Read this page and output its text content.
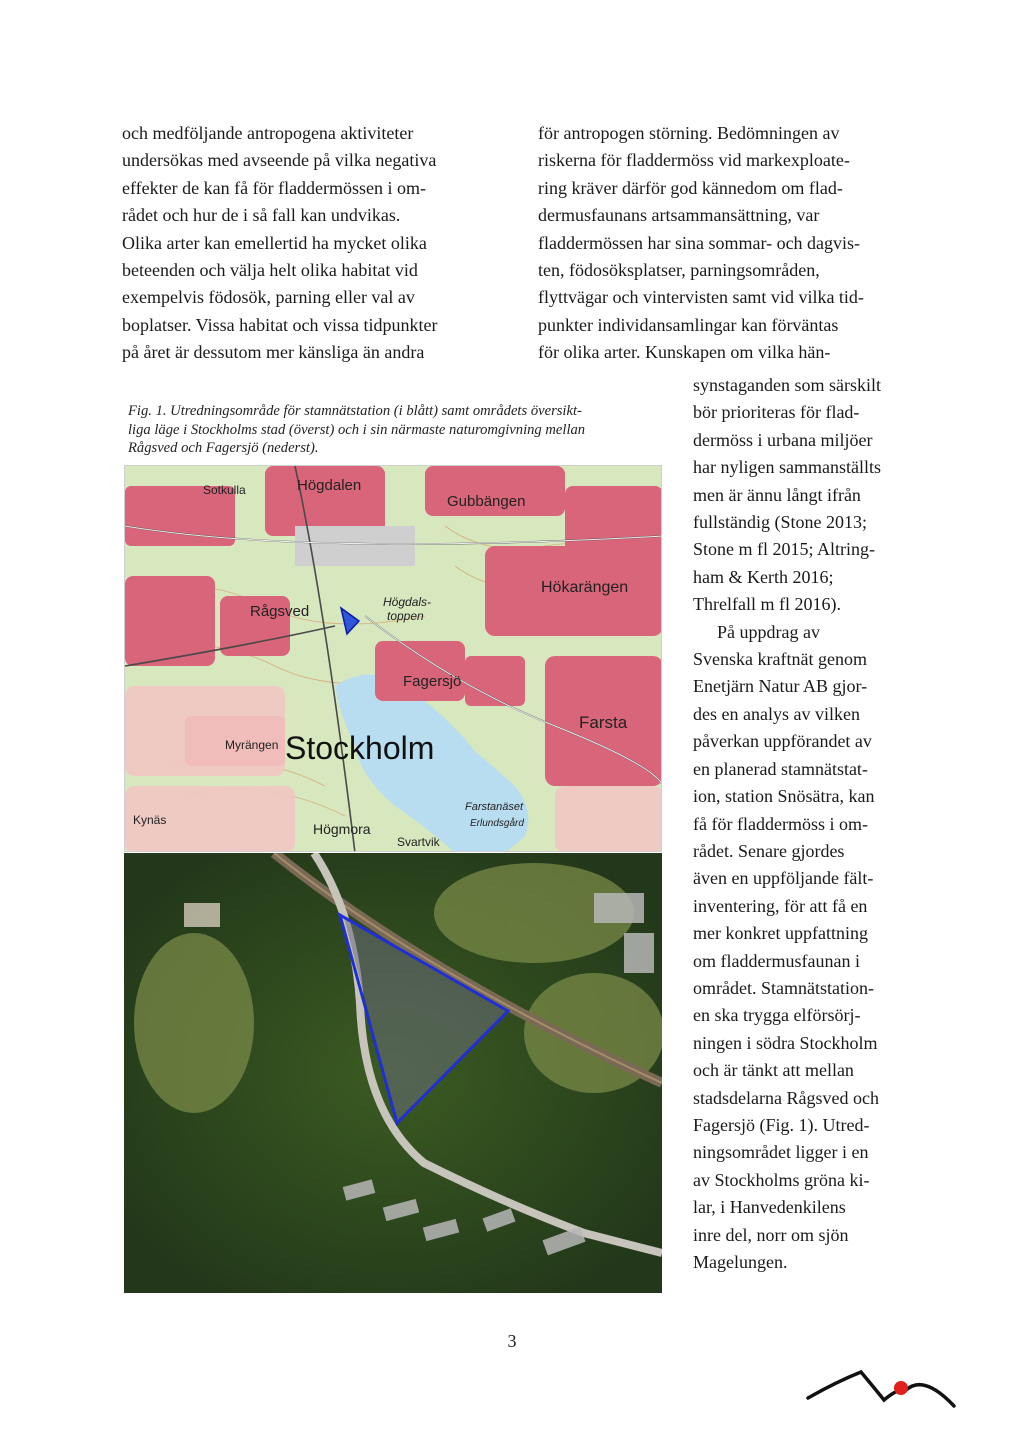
och medföljande antropogena aktiviteter
undersökas med avseende på vilka negativa
effekter de kan få för fladdermössen i om-
rådet och hur de i så fall kan undvikas.
Olika arter kan emellertid ha mycket olika
beteenden och välja helt olika habitat vid
exempelvis födosök, parning eller val av
boplatser. Vissa habitat och vissa tidpunkter
på året är dessutom mer känsliga än andra
för antropogen störning. Bedömningen av
riskerna för fladdermöss vid markexploate-
ring kräver därför god kännedom om flad-
dermusfaunans artsammansättning, var
fladdermössen har sina sommar- och dagvis-
ten, födosöksplatser, parningsområden,
flyttvägar och vintervisten samt vid vilka tid-
punkter individansamlingar kan förväntas
för olika arter. Kunskapen om vilka hän-

synstaganden som särskilt
bör prioriteras för flad-
dermöss i urbana miljöer
har nyligen sammanställts
men är ännu långt ifrån
fullständig (Stone 2013;
Stone m fl 2015; Altring-
ham & Kerth 2016;
Threlfall m fl 2016).

På uppdrag av
Svenska kraftnät genom
Enetjärn Natur AB gjor-
des en analys av vilken
påverkan uppförandet av
en planerad stamnätstat-
ion, station Snösätra, kan
få för fladdermöss i om-
rådet. Senare gjordes
även en uppföljande fält-
inventering, för att få en
mer konkret uppfattning
om fladdermusfaunan i
området. Stamnätstation-
en ska trygga elförsörj-
ningen i södra Stockholm
och är tänkt att mellan
stadsdelarna Rågsved och
Fagersjö (Fig. 1). Utred-
ningsområdet ligger i en
av Stockholms gröna ki-
lar, i Hanvedenkilens
inre del, norr om sjön
Magelungen.

Fig. 1. Utredningsområde för stamnätstation (i blått) samt områdets översikt-
liga läge i Stockholms stad (överst) och i sin närmaste naturomgivning mellan
Rågsved och Fagersjö (nederst).
Sotkulla	Högdalen
Gubbängen
Hökarängen
Rågsved
Högdals-
toppen
Fagersjö
Farsta
Myrängen Stockholm
Högmora
Kynäs
Svartvik
Farstanäset
Erlundsgård
3
